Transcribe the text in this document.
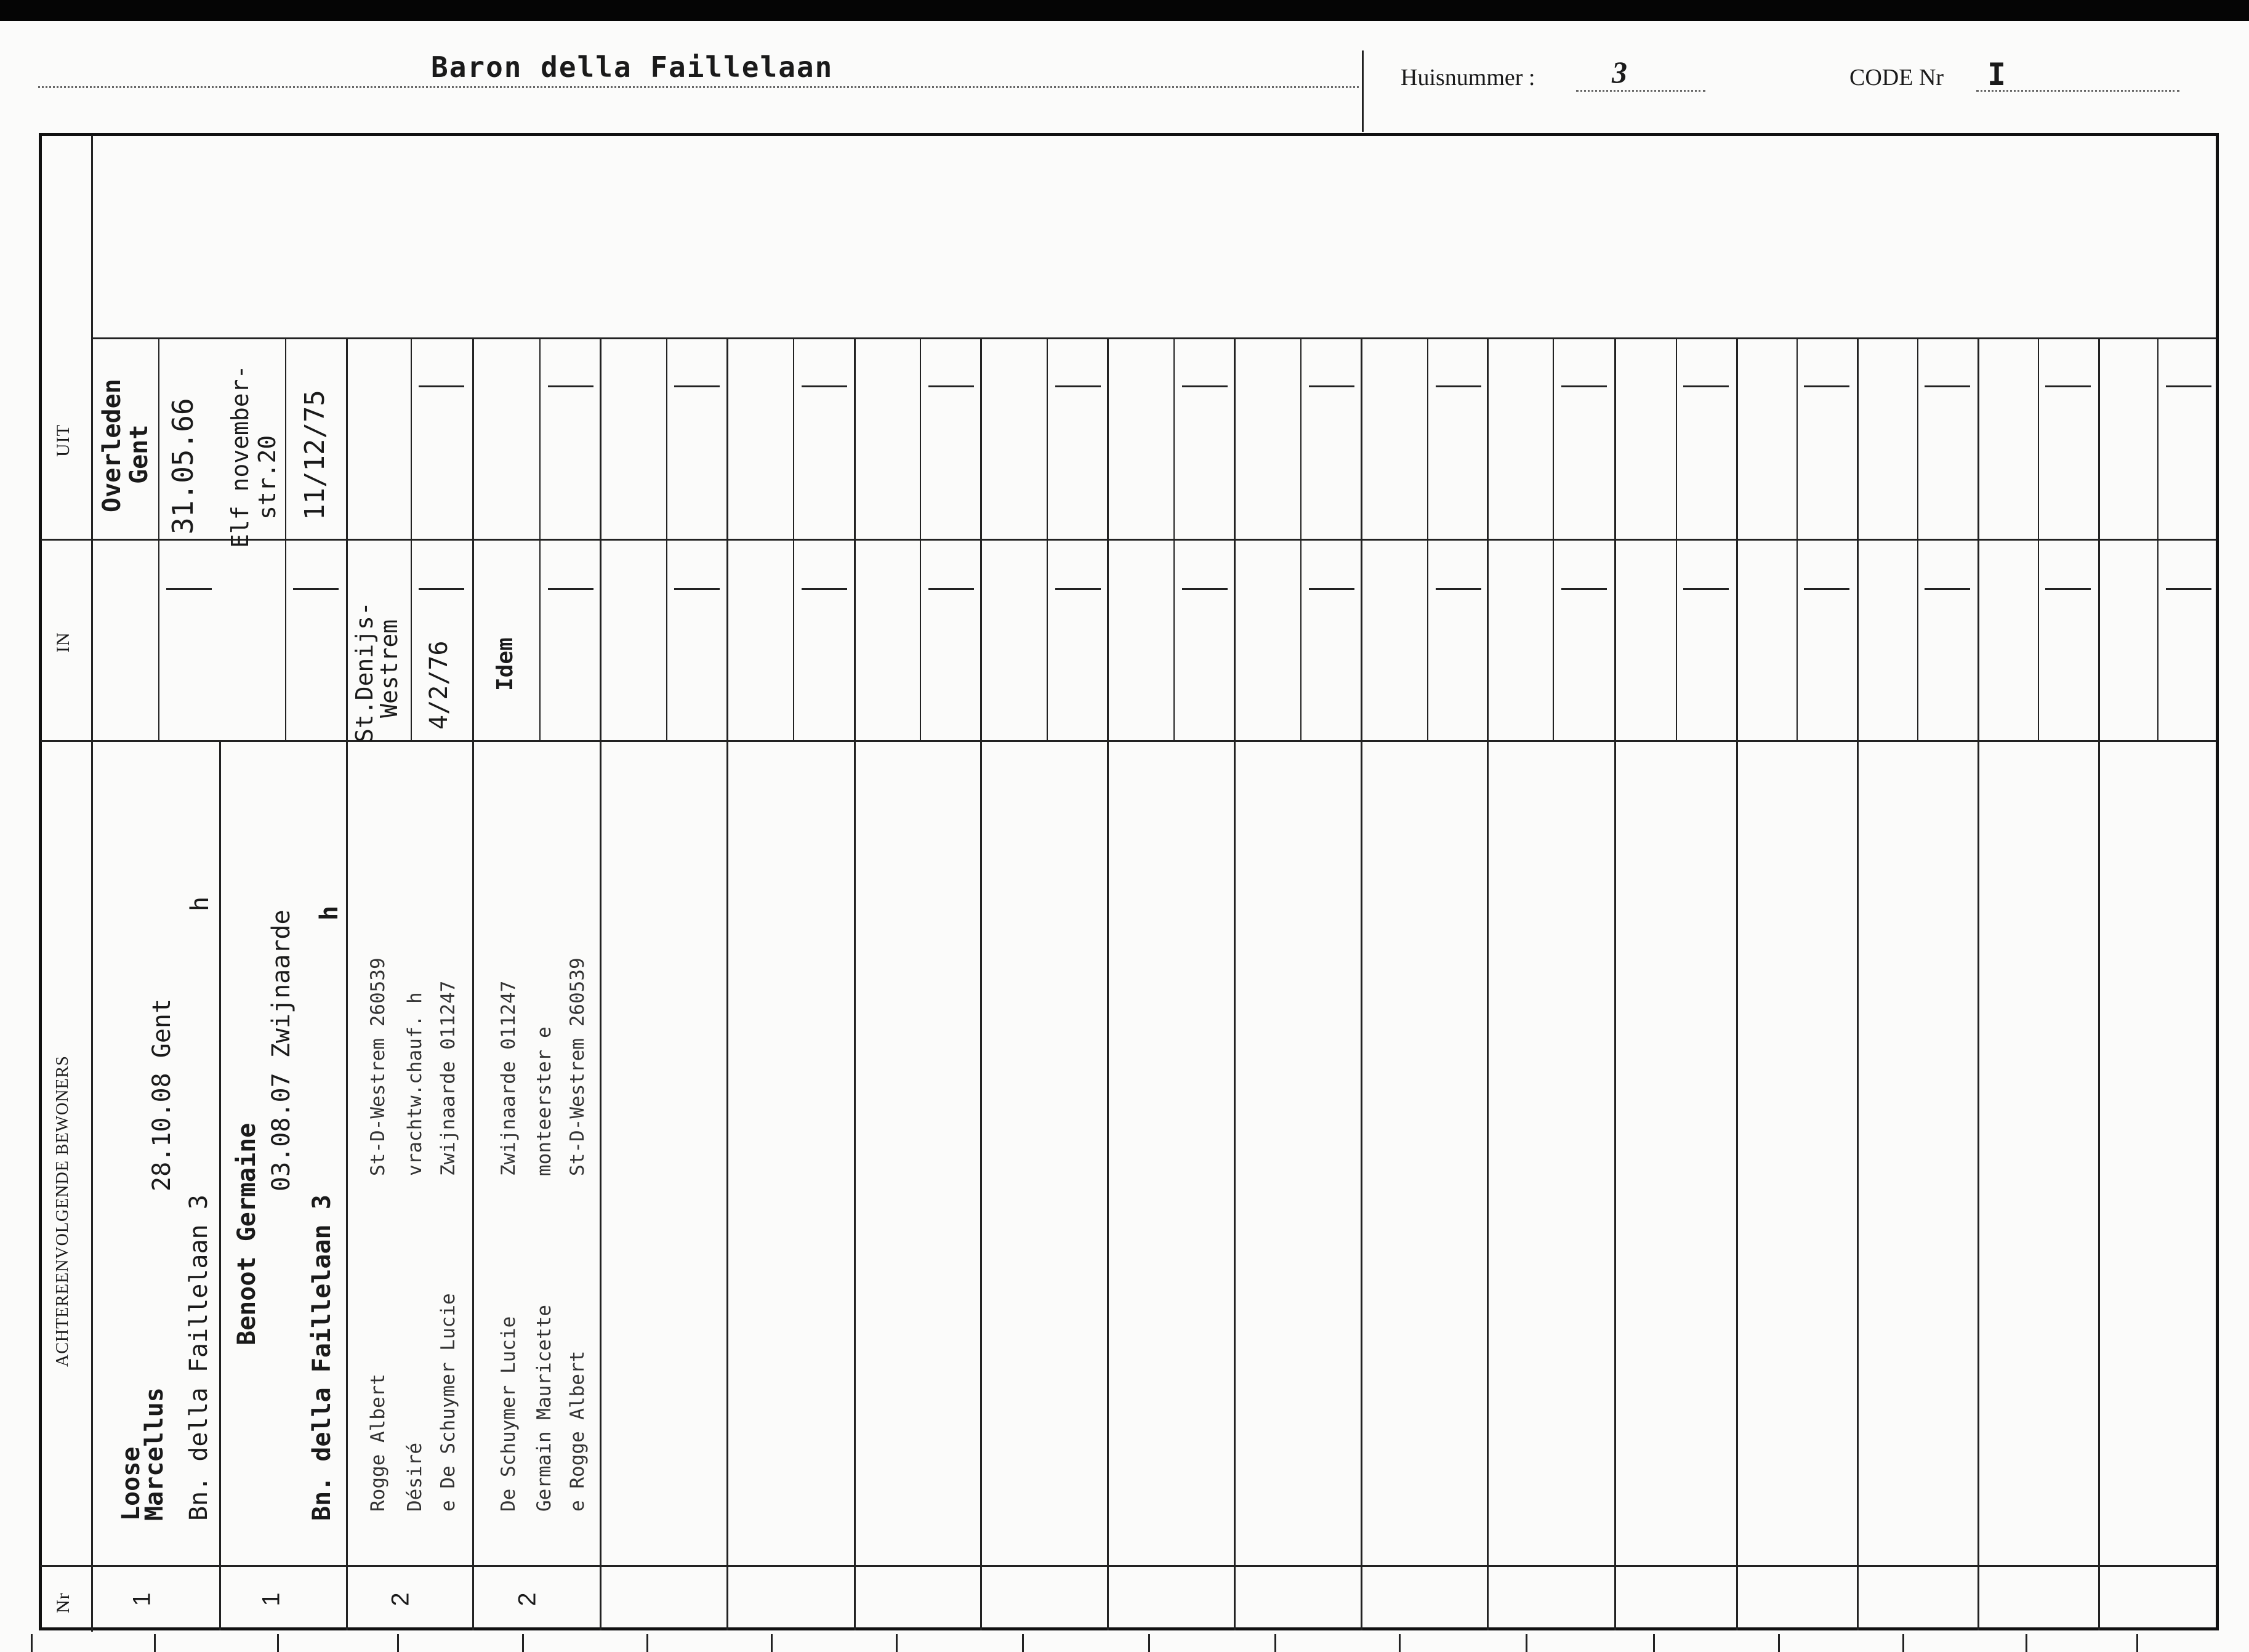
Baron della Faillelaan	Huisnummer : 3	CODE Nr I
UIT
IN
ACHTEREENVOLGENDE BEWONERS
Nr
Overleden
Gent 31.05.66
Loose
Marcellus
28.10.08 Gent
Bn. della Faillelaan 3
h
1
Elf november- str.20 11/12/75
Benoot Germaine
03.08.07 Zwijnaarde
Bn. della Faillelaan 3
h
1
St.Denijs-
Westrem 4/2/76
Rogge Albert
St-D-Westrem 260539
Désiré
vrachtw.chauf. h
e De Schuymer Lucie
Zwijnaarde 011247
2
Idem
De Schuymer Lucie
Zwijnaarde 011247
Germain Mauricette
monteerster e
e Rogge Albert
St-D-Westrem 260539
2
